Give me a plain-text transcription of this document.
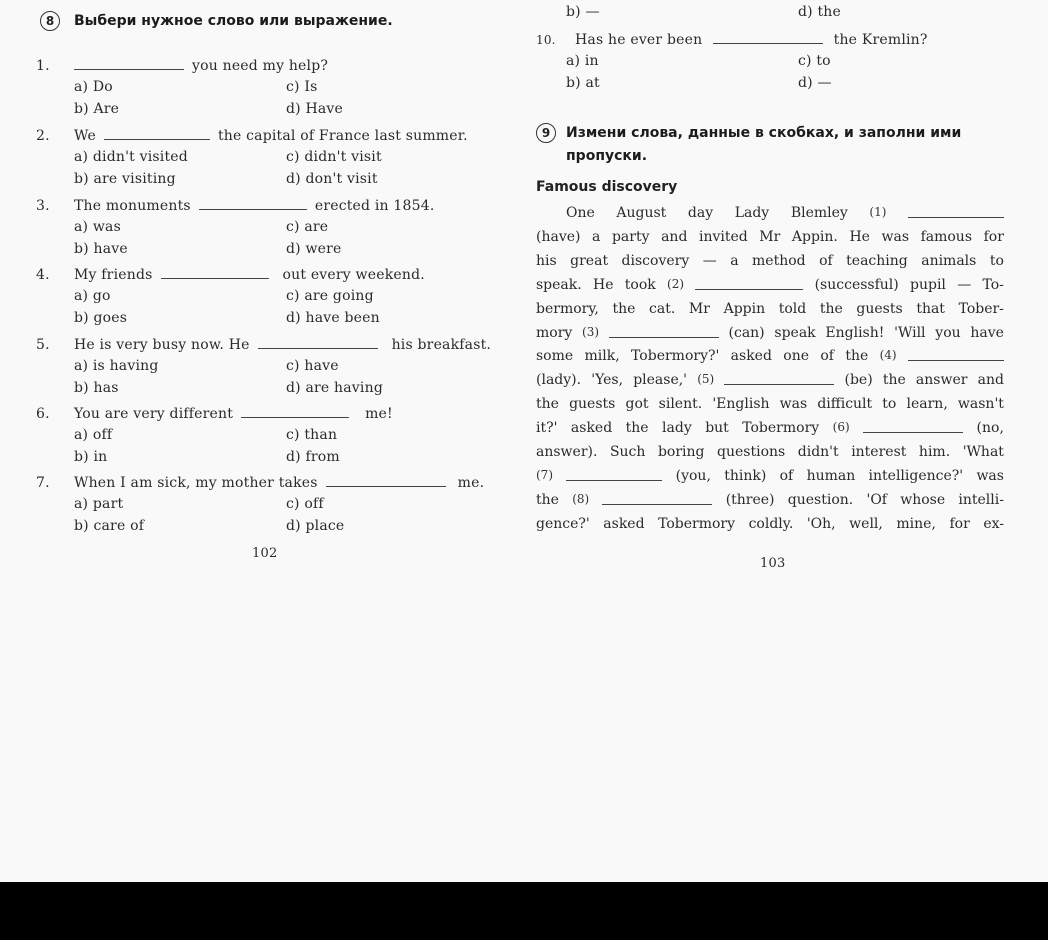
8 Выбери нужное слово или выражение.
1.	you need my help?
a) Do	c) Is
b) Are	d) Have
2. We	the capital of France last summer.
a) didn't visited	c) didn't visit
b) are visiting	d) don't visit
3. The monuments	erected in 1854.
a) was	c) are
b) have	d) were
4. My friends	out every weekend.
a) go	c) are going
b) goes	d) have been
5. He is very busy now. He	his breakfast.
a) is having	c) have
b) has	d) are having
6. You are very different	me!
a) off	c) than
b) in	d) from
7. When I am sick, my mother takes	me.
a) part	c) off
b) care of	d) place
102
b) —	d) the
10. Has he ever been	the Kremlin?
a) in	c) to
b) at	d) —
9 Измени слова, данные в скобках, и заполни ими
пропуски.
Famous discovery
One August day Lady Blemley (1)
(have) a party and invited Mr Appin. He was famous for
his great discovery — a method of teaching animals to
speak. He took (2)	(successful) pupil — To-
bermory, the cat. Mr Appin told the guests that Tober-
mory (3)	(can) speak English! 'Will you have
some milk, Tobermory?' asked one of the (4)
(lady). 'Yes, please,' (5)	(be) the answer and
the guests got silent. 'English was difficult to learn, wasn't
it?' asked the lady but Tobermory (6)	(no,
answer). Such boring questions didn't interest him. 'What
(7)	(you, think) of human intelligence?' was
the (8)	(three) question. 'Of whose intelli-
gence?' asked Tobermory coldly. 'Oh, well, mine, for ex-
103
